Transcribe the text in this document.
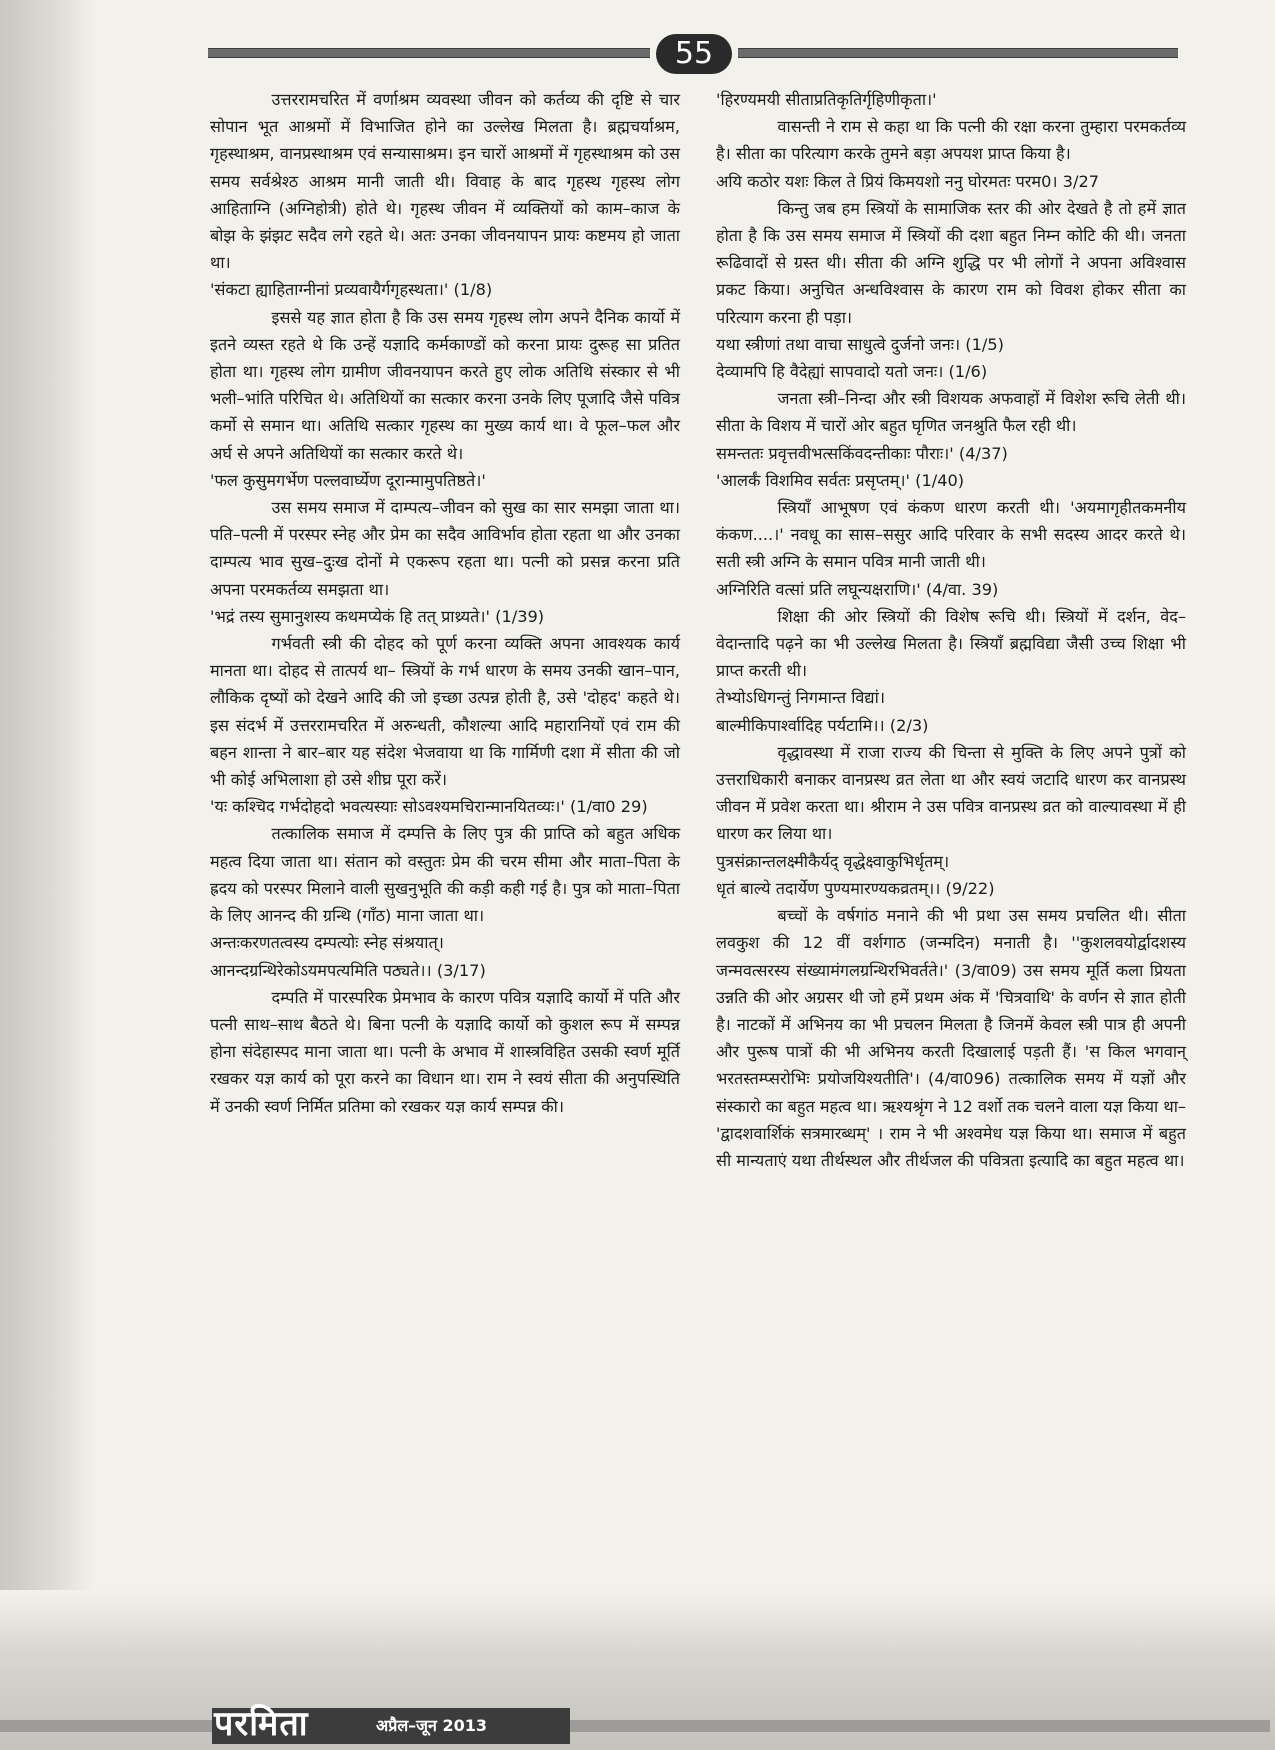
55

उत्तररामचरित में वर्णाश्रम व्यवस्था जीवन को कर्तव्य की दृष्टि से चार सोपान भूत आश्रमों में विभाजित होने का उल्लेख मिलता है। ब्रह्मचर्याश्रम, गृहस्थाश्रम, वानप्रस्थाश्रम एवं सन्यासाश्रम। इन चारों आश्रमों में गृहस्थाश्रम को उस समय सर्वश्रेश्ठ आश्रम मानी जाती थी। विवाह के बाद गृहस्थ गृहस्थ लोग आहिताग्नि (अग्निहोत्री) होते थे। गृहस्थ जीवन में व्यक्तियों को काम–काज के बोझ के झंझट सदैव लगे रहते थे। अतः उनका जीवनयापन प्रायः कष्टमय हो जाता था।

'संकटा ह्याहिताग्नीनां प्रव्यवायैर्गगृहस्थता।' (1/8)

इससे यह ज्ञात होता है कि उस समय गृहस्थ लोग अपने दैनिक कार्यो में इतने व्यस्त रहते थे कि उन्हें यज्ञादि कर्मकाण्डों को करना प्रायः दुरूह सा प्रतित होता था। गृहस्थ लोग ग्रामीण जीवनयापन करते हुए लोक अतिथि संस्कार से भी भली–भांति परिचित थे। अतिथियों का सत्कार करना उनके लिए पूजादि जैसे पवित्र कर्मो से समान था। अतिथि सत्कार गृहस्थ का मुख्य कार्य था। वे फूल–फल और अर्घ से अपने अतिथियों का सत्कार करते थे।

'फल कुसुमगर्भेण पल्लवार्घ्येण दूरान्मामुपतिष्ठते।'

उस समय समाज में दाम्पत्य–जीवन को सुख का सार समझा जाता था। पति–पत्नी में परस्पर स्नेह और प्रेम का सदैव आविर्भाव होता रहता था और उनका दाम्पत्य भाव सुख–दुःख दोनों मे एकरूप रहता था। पत्नी को प्रसन्न करना प्रति अपना परमकर्तव्य समझता था।

'भद्रं तस्य सुमानुशस्य कथमप्येकं हि तत् प्राथ्र्यते।' (1/39)

गर्भवती स्त्री की दोहद को पूर्ण करना व्यक्ति अपना आवश्यक कार्य मानता था। दोहद से तात्पर्य था– स्त्रियों के गर्भ धारण के समय उनकी खान–पान, लौकिक दृष्यों को देखने आदि की जो इच्छा उत्पन्न होती है, उसे 'दोहद' कहते थे। इस संदर्भ में उत्तररामचरित में अरुन्धती, कौशल्या आदि महारानियों एवं राम की बहन शान्ता ने बार–बार यह संदेश भेजवाया था कि गार्मिणी दशा में सीता की जो भी कोई अभिलाशा हो उसे शीघ्र पूरा करें।

'यः कश्चिद गर्भदोहदो भवत्यस्याः सोऽवश्यमचिरान्मानयितव्यः।' (1/वा0 29)

तत्कालिक समाज में दम्पत्ति के लिए पुत्र की प्राप्ति को बहुत अधिक महत्व दिया जाता था। संतान को वस्तुतः प्रेम की चरम सीमा और माता–पिता के ह्रदय को परस्पर मिलाने वाली सुखनुभूति की कड़ी कही गई है। पुत्र को माता–पिता के लिए आनन्द की ग्रन्थि (गाँठ) माना जाता था।

अन्तःकरणतत्वस्य दम्पत्योः स्नेह संश्रयात्।

आनन्दग्रन्थिरेकोऽयमपत्यमिति पठ्यते।। (3/17)

दम्पति में पारस्परिक प्रेमभाव के कारण पवित्र यज्ञादि कार्यो में पति और पत्नी साथ–साथ बैठते थे। बिना पत्नी के यज्ञादि कार्यो को कुशल रूप में सम्पन्न होना संदेहास्पद माना जाता था। पत्नी के अभाव में शास्त्रविहित उसकी स्वर्ण मूर्ति रखकर यज्ञ कार्य को पूरा करने का विधान था। राम ने स्वयं सीता की अनुपस्थिति में उनकी स्वर्ण निर्मित प्रतिमा को रखकर यज्ञ कार्य सम्पन्न की।

'हिरण्यमयी सीताप्रतिकृतिर्गृहिणीकृता।'

वासन्ती ने राम से कहा था कि पत्नी की रक्षा करना तुम्हारा परमकर्तव्य है। सीता का परित्याग करके तुमने बड़ा अपयश प्राप्त किया है।

अयि कठोर यशः किल ते प्रियं किमयशो ननु घोरमतः परम0। 3/27

किन्तु जब हम स्त्रियों के सामाजिक स्तर की ओर देखते है तो हमें ज्ञात होता है कि उस समय समाज में स्त्रियों की दशा बहुत निम्न कोटि की थी। जनता रूढिवादों से ग्रस्त थी। सीता की अग्नि शुद्धि पर भी लोगों ने अपना अविश्वास प्रकट किया। अनुचित अन्धविश्वास के कारण राम को विवश होकर सीता का परित्याग करना ही पड़ा।

यथा स्त्रीणां तथा वाचा साधुत्वे दुर्जनो जनः। (1/5)

देव्यामपि हि वैदेह्यां सापवादो यतो जनः। (1/6)

जनता स्त्री–निन्दा और स्त्री विशयक अफवाहों में विशेश रूचि लेती थी। सीता के विशय में चारों ओर बहुत घृणित जनश्रुति फैल रही थी।

समन्ततः प्रवृत्तवीभत्सकिंवदन्तीकाः पौराः।' (4/37)

'आलर्कं विशमिव सर्वतः प्रसृप्तम्।' (1/40)

स्त्रियाँ आभूषण एवं कंकण धारण करती थी। 'अयमागृहीतकमनीय कंकण....।' नवधू का सास–ससुर आदि परिवार के सभी सदस्य आदर करते थे। सती स्त्री अग्नि के समान पवित्र मानी जाती थी।

अग्निरिति वत्सां प्रति लघून्यक्षराणि।' (4/वा. 39)

शिक्षा की ओर स्त्रियों की विशेष रूचि थी। स्त्रियों में दर्शन, वेद–वेदान्तादि पढ़ने का भी उल्लेख मिलता है। स्त्रियाँ ब्रह्मविद्या जैसी उच्च शिक्षा भी प्राप्त करती थी।

तेभ्योऽधिगन्तुं निगमान्त विद्यां।

बाल्मीकिपार्श्वादिह पर्यटामि।। (2/3)

वृद्धावस्था में राजा राज्य की चिन्ता से मुक्ति के लिए अपने पुत्रों को उत्तराधिकारी बनाकर वानप्रस्थ व्रत लेता था और स्वयं जटादि धारण कर वानप्रस्थ जीवन में प्रवेश करता था। श्रीराम ने उस पवित्र वानप्रस्थ व्रत को वाल्यावस्था में ही धारण कर लिया था।

पुत्रसंक्रान्तलक्ष्मीकैर्यद् वृद्धेक्ष्वाकुभिर्धृतम्।

धृतं बाल्ये तदार्येण पुण्यमारण्यकव्रतम्।। (9/22)

बच्चों के वर्षगांठ मनाने की भी प्रथा उस समय प्रचलित थी। सीता लवकुश की 12 वीं वर्शगाठ (जन्मदिन) मनाती है। ''कुशलवयोर्द्वादशस्य जन्मवत्सरस्य संख्यामंगलग्रन्थिरभिवर्तते।' (3/वा09) उस समय मूर्ति कला प्रियता उन्नति की ओर अग्रसर थी जो हमें प्रथम अंक में 'चित्रवाथि' के वर्णन से ज्ञात होती है। नाटकों में अभिनय का भी प्रचलन मिलता है जिनमें केवल स्त्री पात्र ही अपनी और पुरूष पात्रों की भी अभिनय करती दिखालाई पड़ती हैं। 'स किल भगवान् भरतस्तम्प्सरोभिः प्रयोजयिश्यतीति'। (4/वा096) तत्कालिक समय में यज्ञों और संस्कारो का बहुत महत्व था। ऋश्यश्रृंग ने 12 वर्शो तक चलने वाला यज्ञ किया था– 'द्वादशवार्शिकं सत्रमारब्धम्' । राम ने भी अश्वमेध यज्ञ किया था। समाज में बहुत सी मान्यताएं यथा तीर्थस्थल और तीर्थजल की पवित्रता इत्यादि का बहुत महत्व था।

परमिता	अप्रैल–जून 2013
